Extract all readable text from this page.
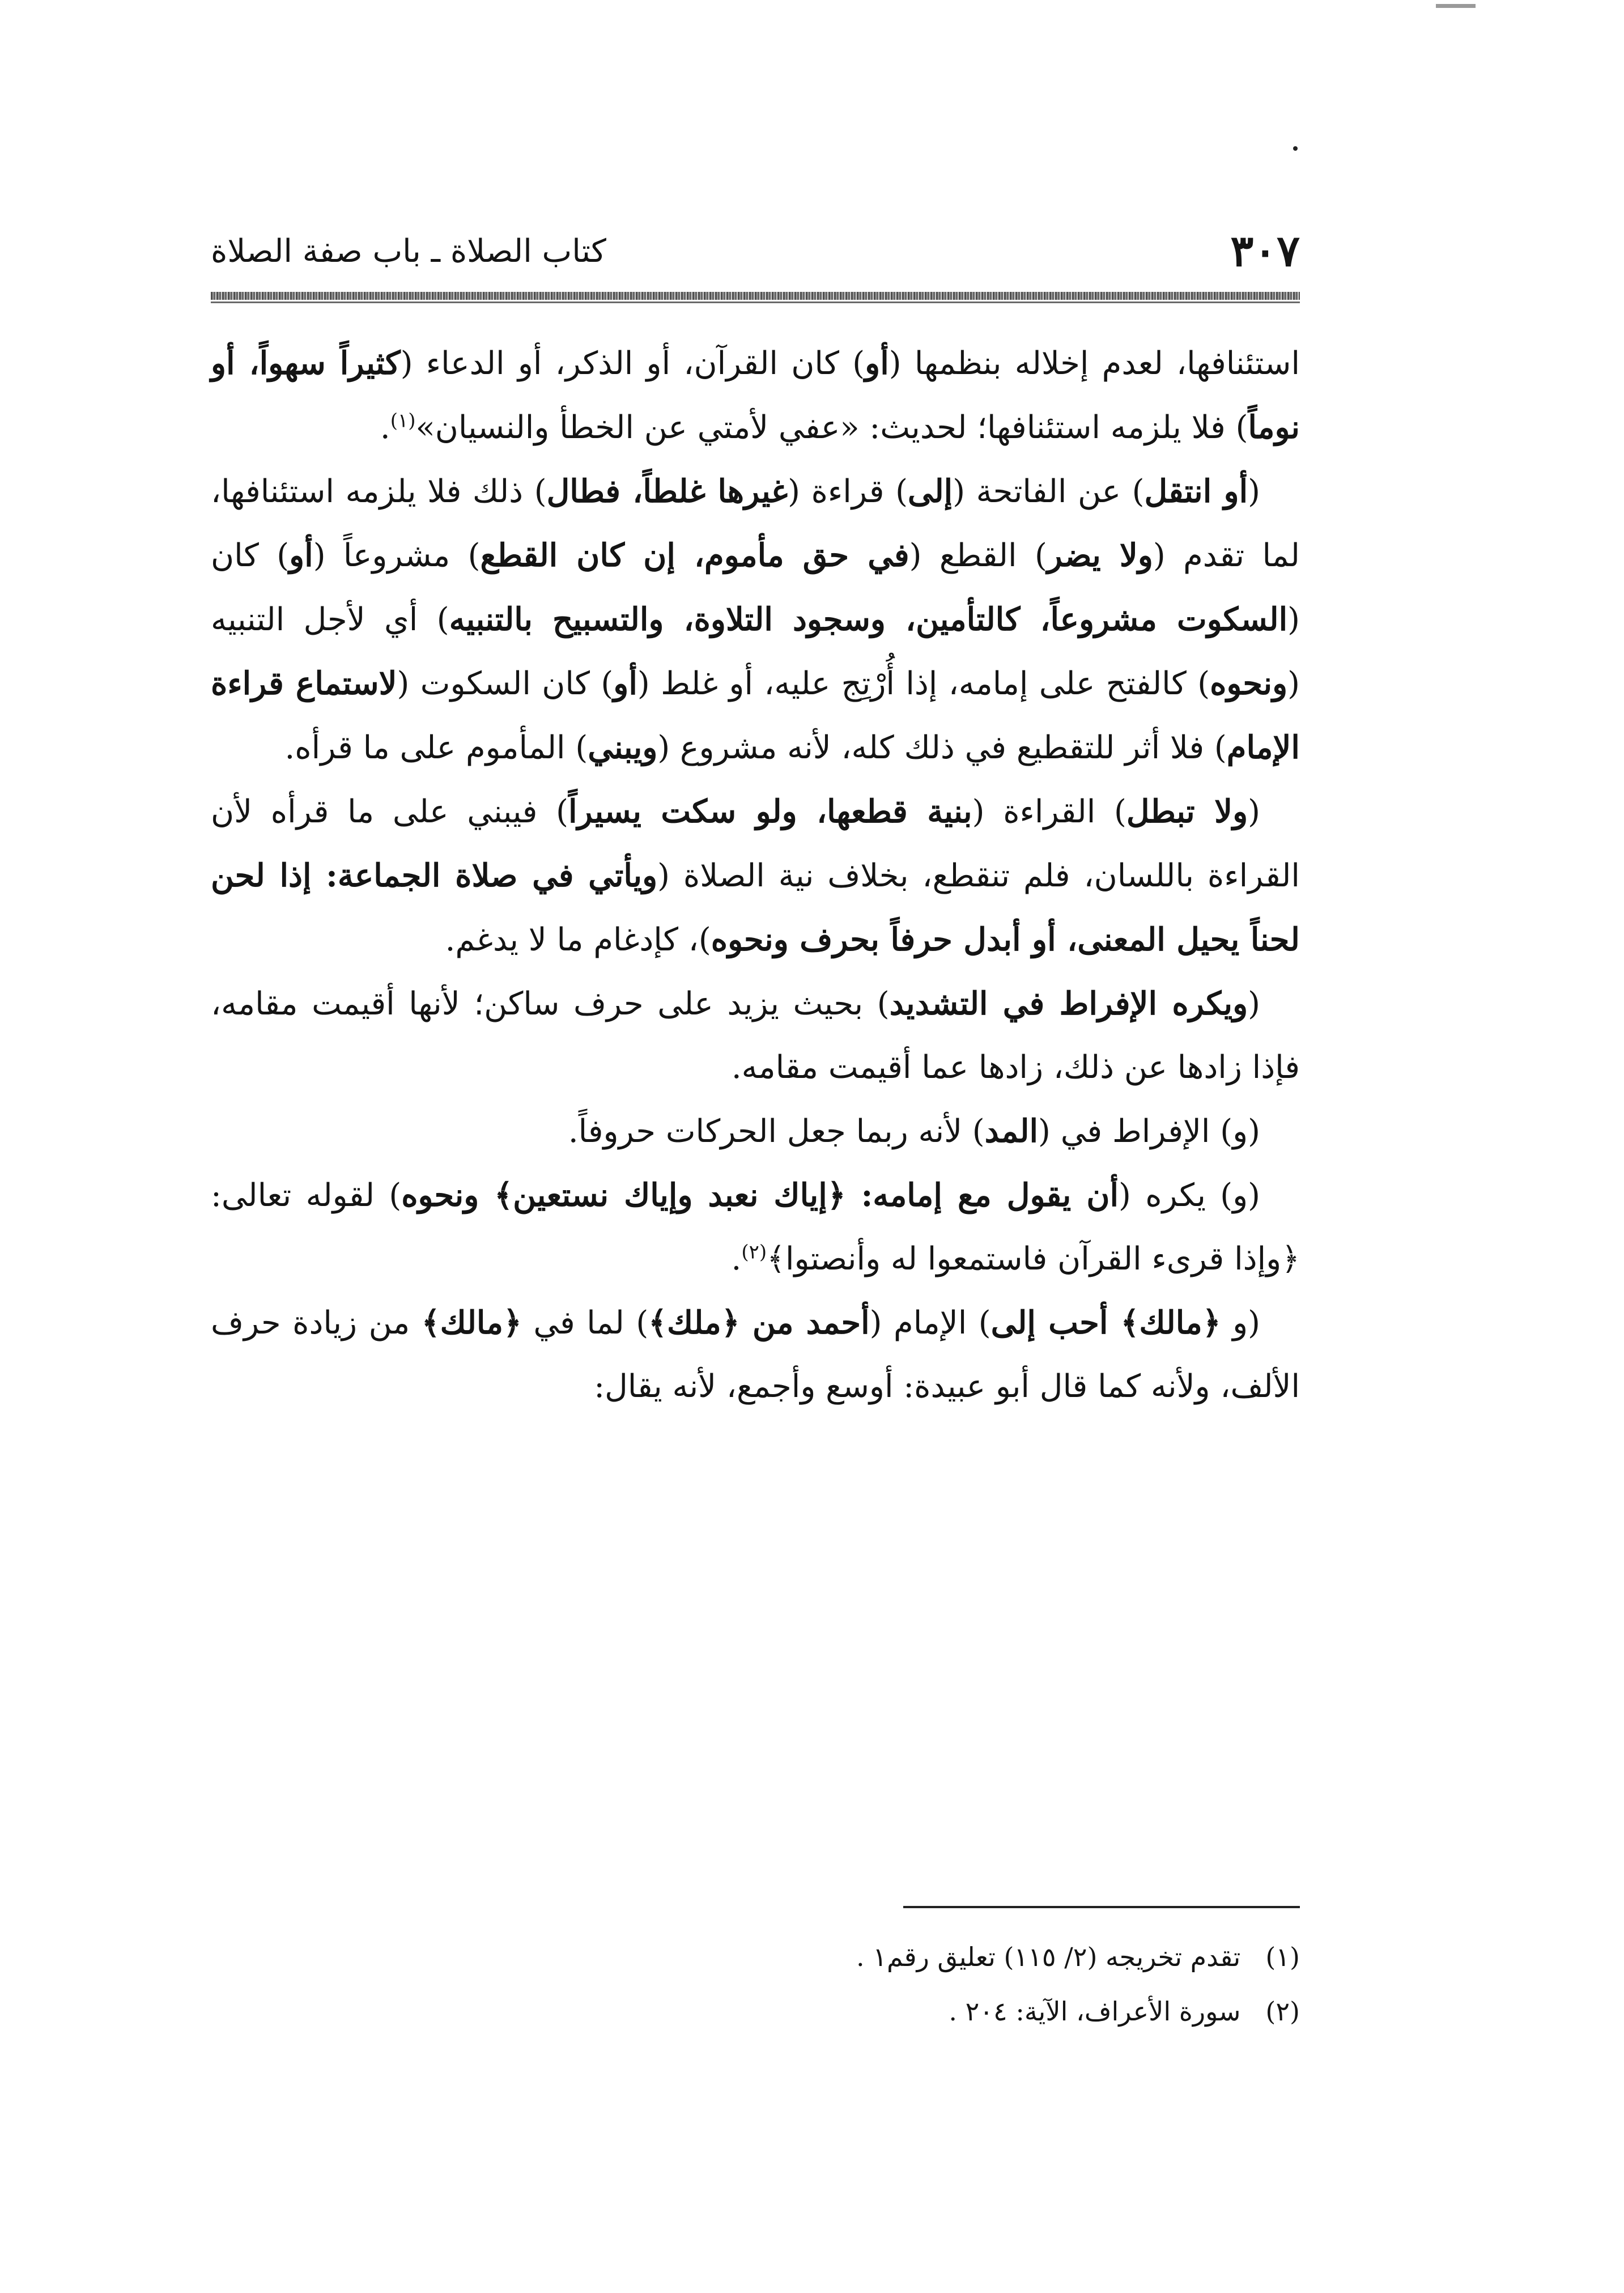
٣٠٧
كتاب الصلاة ـ باب صفة الصلاة

استئنافها، لعدم إخلاله بنظمها (أو) كان القرآن، أو الذكر، أو الدعاء (كثيراً سهواً، أو نوماً) فلا يلزمه استئنافها؛ لحديث: «عفي لأمتي عن الخطأ والنسيان»$^{(١)}$.

(أو انتقل) عن الفاتحة (إلى) قراءة (غيرها غلطاً، فطال) ذلك فلا يلزمه استئنافها، لما تقدم (ولا يضر) القطع (في حق مأموم، إن كان القطع) مشروعاً (أو) كان (السكوت مشروعاً، كالتأمين، وسجود التلاوة، والتسبيح بالتنبيه) أي لأجل التنبيه (ونحوه) كالفتح على إمامه، إذا أُرْتِج عليه، أو غلط (أو) كان السكوت (لاستماع قراءة الإمام) فلا أثر للتقطيع في ذلك كله، لأنه مشروع (ويبني) المأموم على ما قرأه.

(ولا تبطل) القراءة (بنية قطعها، ولو سكت يسيراً) فيبني على ما قرأه لأن القراءة باللسان، فلم تنقطع، بخلاف نية الصلاة (ويأتي في صلاة الجماعة: إذا لحن لحناً يحيل المعنى، أو أبدل حرفاً بحرف ونحوه)، كإدغام ما لا يدغم.

(ويكره الإفراط في التشديد) بحيث يزيد على حرف ساكن؛ لأنها أقيمت مقامه، فإذا زادها عن ذلك، زادها عما أقيمت مقامه.

(و) الإفراط في (المد) لأنه ربما جعل الحركات حروفاً.

(و) يكره (أن يقول مع إمامه: ﴿إياك نعبد وإياك نستعين﴾ ونحوه) لقوله تعالى: ﴿وإذا قرىء القرآن فاستمعوا له وأنصتوا﴾$^{(٢)}$.

(و ﴿مالك﴾ أحب إلى) الإمام (أحمد من ﴿ملك﴾) لما في ﴿مالك﴾ من زيادة حرف الألف، ولأنه كما قال أبو عبيدة: أوسع وأجمع، لأنه يقال:

(١) تقدم تخريجه (٢/ ١١٥) تعليق رقم١ .
(٢) سورة الأعراف، الآية: ٢٠٤ .
